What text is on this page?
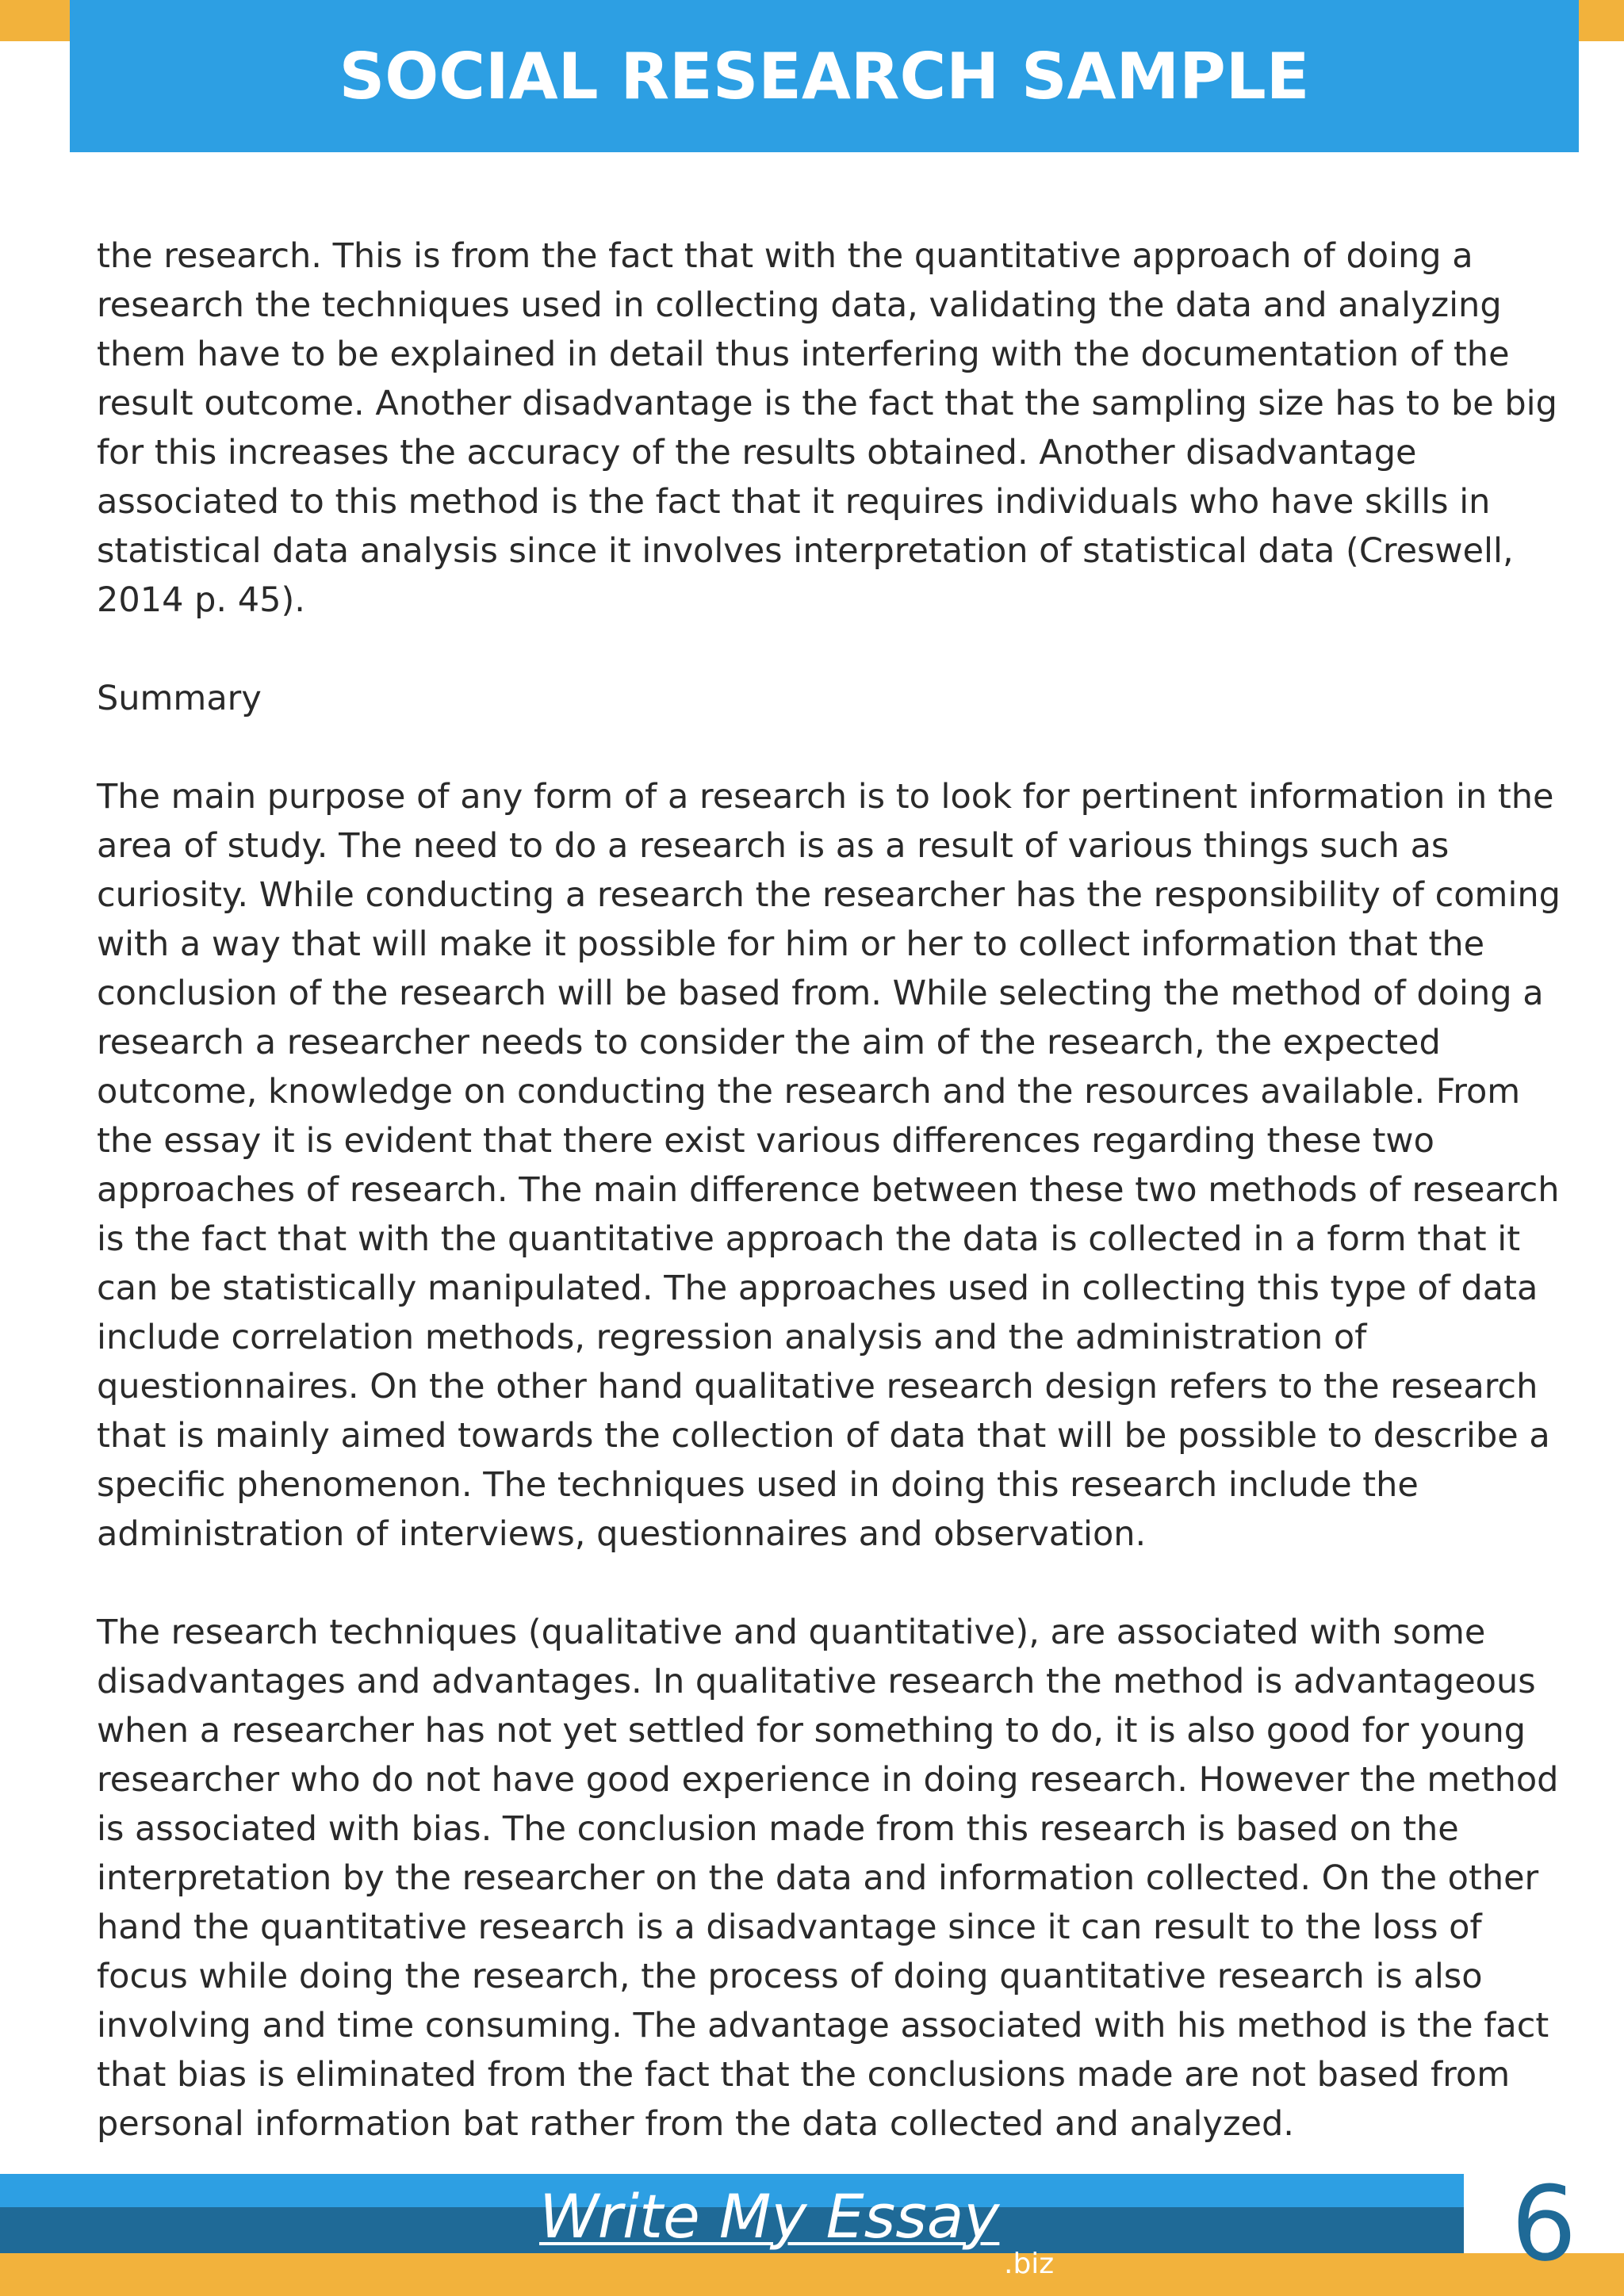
SOCIAL RESEARCH SAMPLE

the research. This is from the fact that with the quantitative approach of doing a research the techniques used in collecting data, validating the data and analyzing them have to be explained in detail thus interfering with the documentation of the result outcome. Another disadvantage is the fact that the sampling size has to be big for this increases the accuracy of the results obtained. Another disadvantage associated to this method is the fact that it requires individuals who have skills in statistical data analysis since it involves interpretation of statistical data (Creswell, 2014 p. 45).

Summary

The main purpose of any form of a research is to look for pertinent information in the area of study. The need to do a research is as a result of various things such as curiosity. While conducting a research the researcher has the responsibility of coming with a way that will make it possible for him or her to collect information that the conclusion of the research will be based from. While selecting the method of doing a research a researcher needs to consider the aim of the research, the expected outcome, knowledge on conducting the research and the resources available. From the essay it is evident that there exist various differences regarding these two approaches of research. The main difference between these two methods of research is the fact that with the quantitative approach the data is collected in a form that it can be statistically manipulated. The approaches used in collecting this type of data include correlation methods, regression analysis and the administration of questionnaires. On the other hand qualitative research design refers to the research that is mainly aimed towards the collection of data that will be possible to describe a specific phenomenon. The techniques used in doing this research include the administration of interviews, questionnaires and observation.

The research techniques (qualitative and quantitative), are associated with some disadvantages and advantages. In qualitative research the method is advantageous when a researcher has not yet settled for something to do, it is also good for young researcher who do not have good experience in doing research. However the method is associated with bias. The conclusion made from this research is based on the interpretation by the researcher on the data and information collected. On the other hand the quantitative research is a disadvantage since it can result to the loss of focus while doing the research, the process of doing quantitative research is also involving and time consuming. The advantage associated with his method is the fact that bias is eliminated from the fact that the conclusions made are not based from personal information bat rather from the data collected and analyzed.

Write My Essay
.biz	6
